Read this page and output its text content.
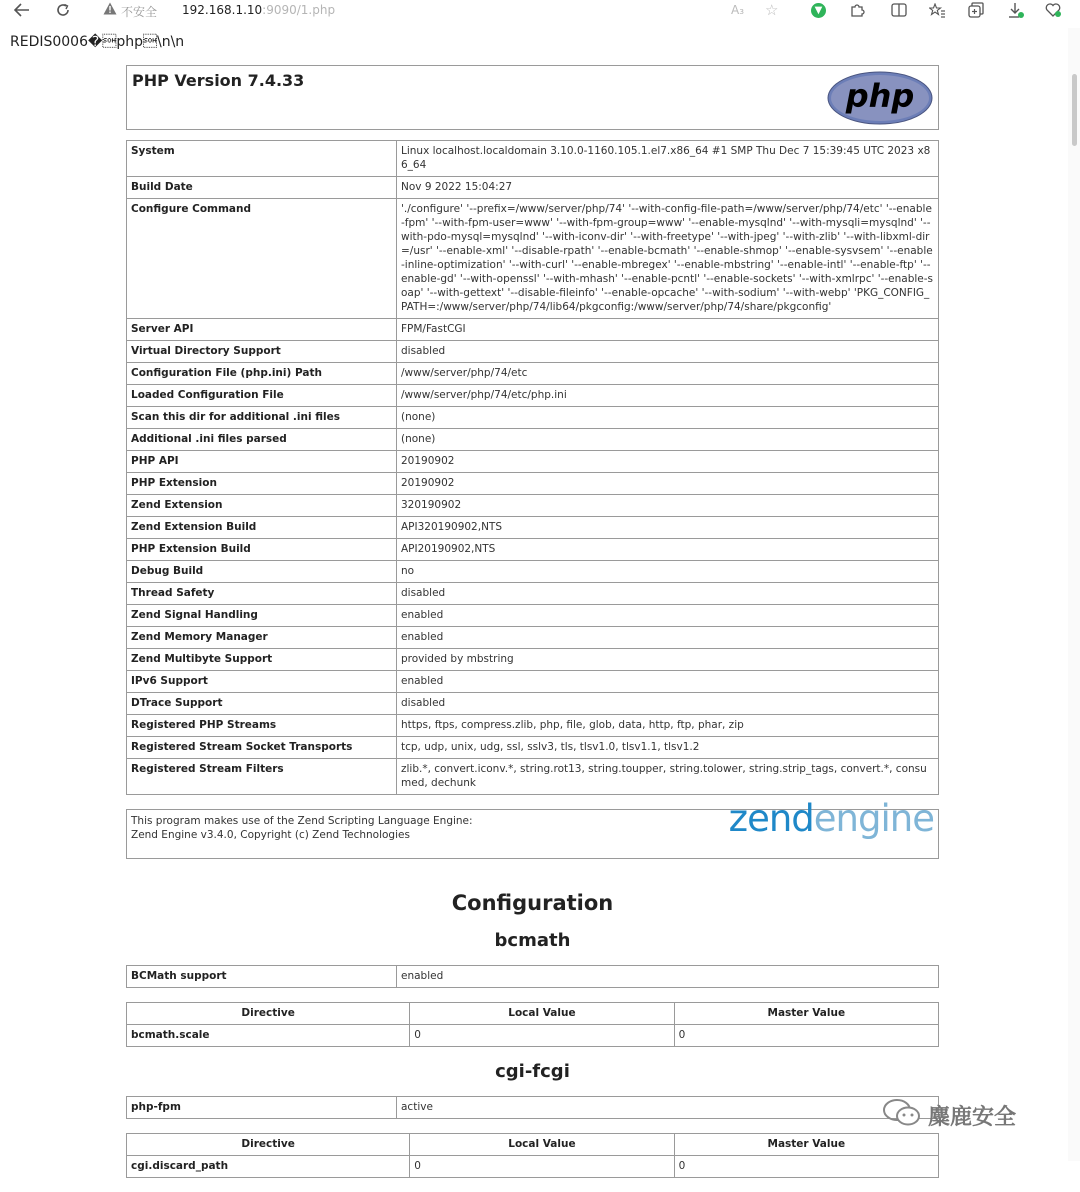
不安全 192.168.1.10:9090/1.php	A₃ ☆	▼
REDIS0006�php\n\n
PHP Version 7.4.33	php
System	Linux localhost.localdomain 3.10.0-1160.105.1.el7.x86_64 #1 SMP Thu Dec 7 15:39:45 UTC 2023 x86_64
Build Date	Nov 9 2022 15:04:27
Configure Command	'./configure' '--prefix=/www/server/php/74' '--with-config-file-path=/www/server/php/74/etc' '--enable-fpm' '--with-fpm-user=www' '--with-fpm-group=www' '--enable-mysqlnd' '--with-mysqli=mysqlnd' '--with-pdo-mysql=mysqlnd' '--with-iconv-dir' '--with-freetype' '--with-jpeg' '--with-zlib' '--with-libxml-dir=/usr' '--enable-xml' '--disable-rpath' '--enable-bcmath' '--enable-shmop' '--enable-sysvsem' '--enable-inline-optimization' '--with-curl' '--enable-mbregex' '--enable-mbstring' '--enable-intl' '--enable-ftp' '--enable-gd' '--with-openssl' '--with-mhash' '--enable-pcntl' '--enable-sockets' '--with-xmlrpc' '--enable-soap' '--with-gettext' '--disable-fileinfo' '--enable-opcache' '--with-sodium' '--with-webp' 'PKG_CONFIG_PATH=:/www/server/php/74/lib64/pkgconfig:/www/server/php/74/share/pkgconfig'
Server API	FPM/FastCGI
Virtual Directory Support	disabled
Configuration File (php.ini) Path	/www/server/php/74/etc
Loaded Configuration File	/www/server/php/74/etc/php.ini
Scan this dir for additional .ini files	(none)
Additional .ini files parsed	(none)
PHP API	20190902
PHP Extension	20190902
Zend Extension	320190902
Zend Extension Build	API320190902,NTS
PHP Extension Build	API20190902,NTS
Debug Build	no
Thread Safety	disabled
Zend Signal Handling	enabled
Zend Memory Manager	enabled
Zend Multibyte Support	provided by mbstring
IPv6 Support	enabled
DTrace Support	disabled
Registered PHP Streams	https, ftps, compress.zlib, php, file, glob, data, http, ftp, phar, zip
Registered Stream Socket Transports	tcp, udp, unix, udg, ssl, sslv3, tls, tlsv1.0, tlsv1.1, tlsv1.2
Registered Stream Filters	zlib.*, convert.iconv.*, string.rot13, string.toupper, string.tolower, string.strip_tags, convert.*, consumed, dechunk
This program makes use of the Zend Scripting Language Engine:
Zend Engine v3.4.0, Copyright (c) Zend Technologies	zendengine
Configuration
bcmath
BCMath support	enabled
Directive	Local Value	Master Value
bcmath.scale	0	0
cgi-fcgi
php-fpm	active
Directive	Local Value	Master Value
cgi.discard_path	0	0
麋鹿安全
